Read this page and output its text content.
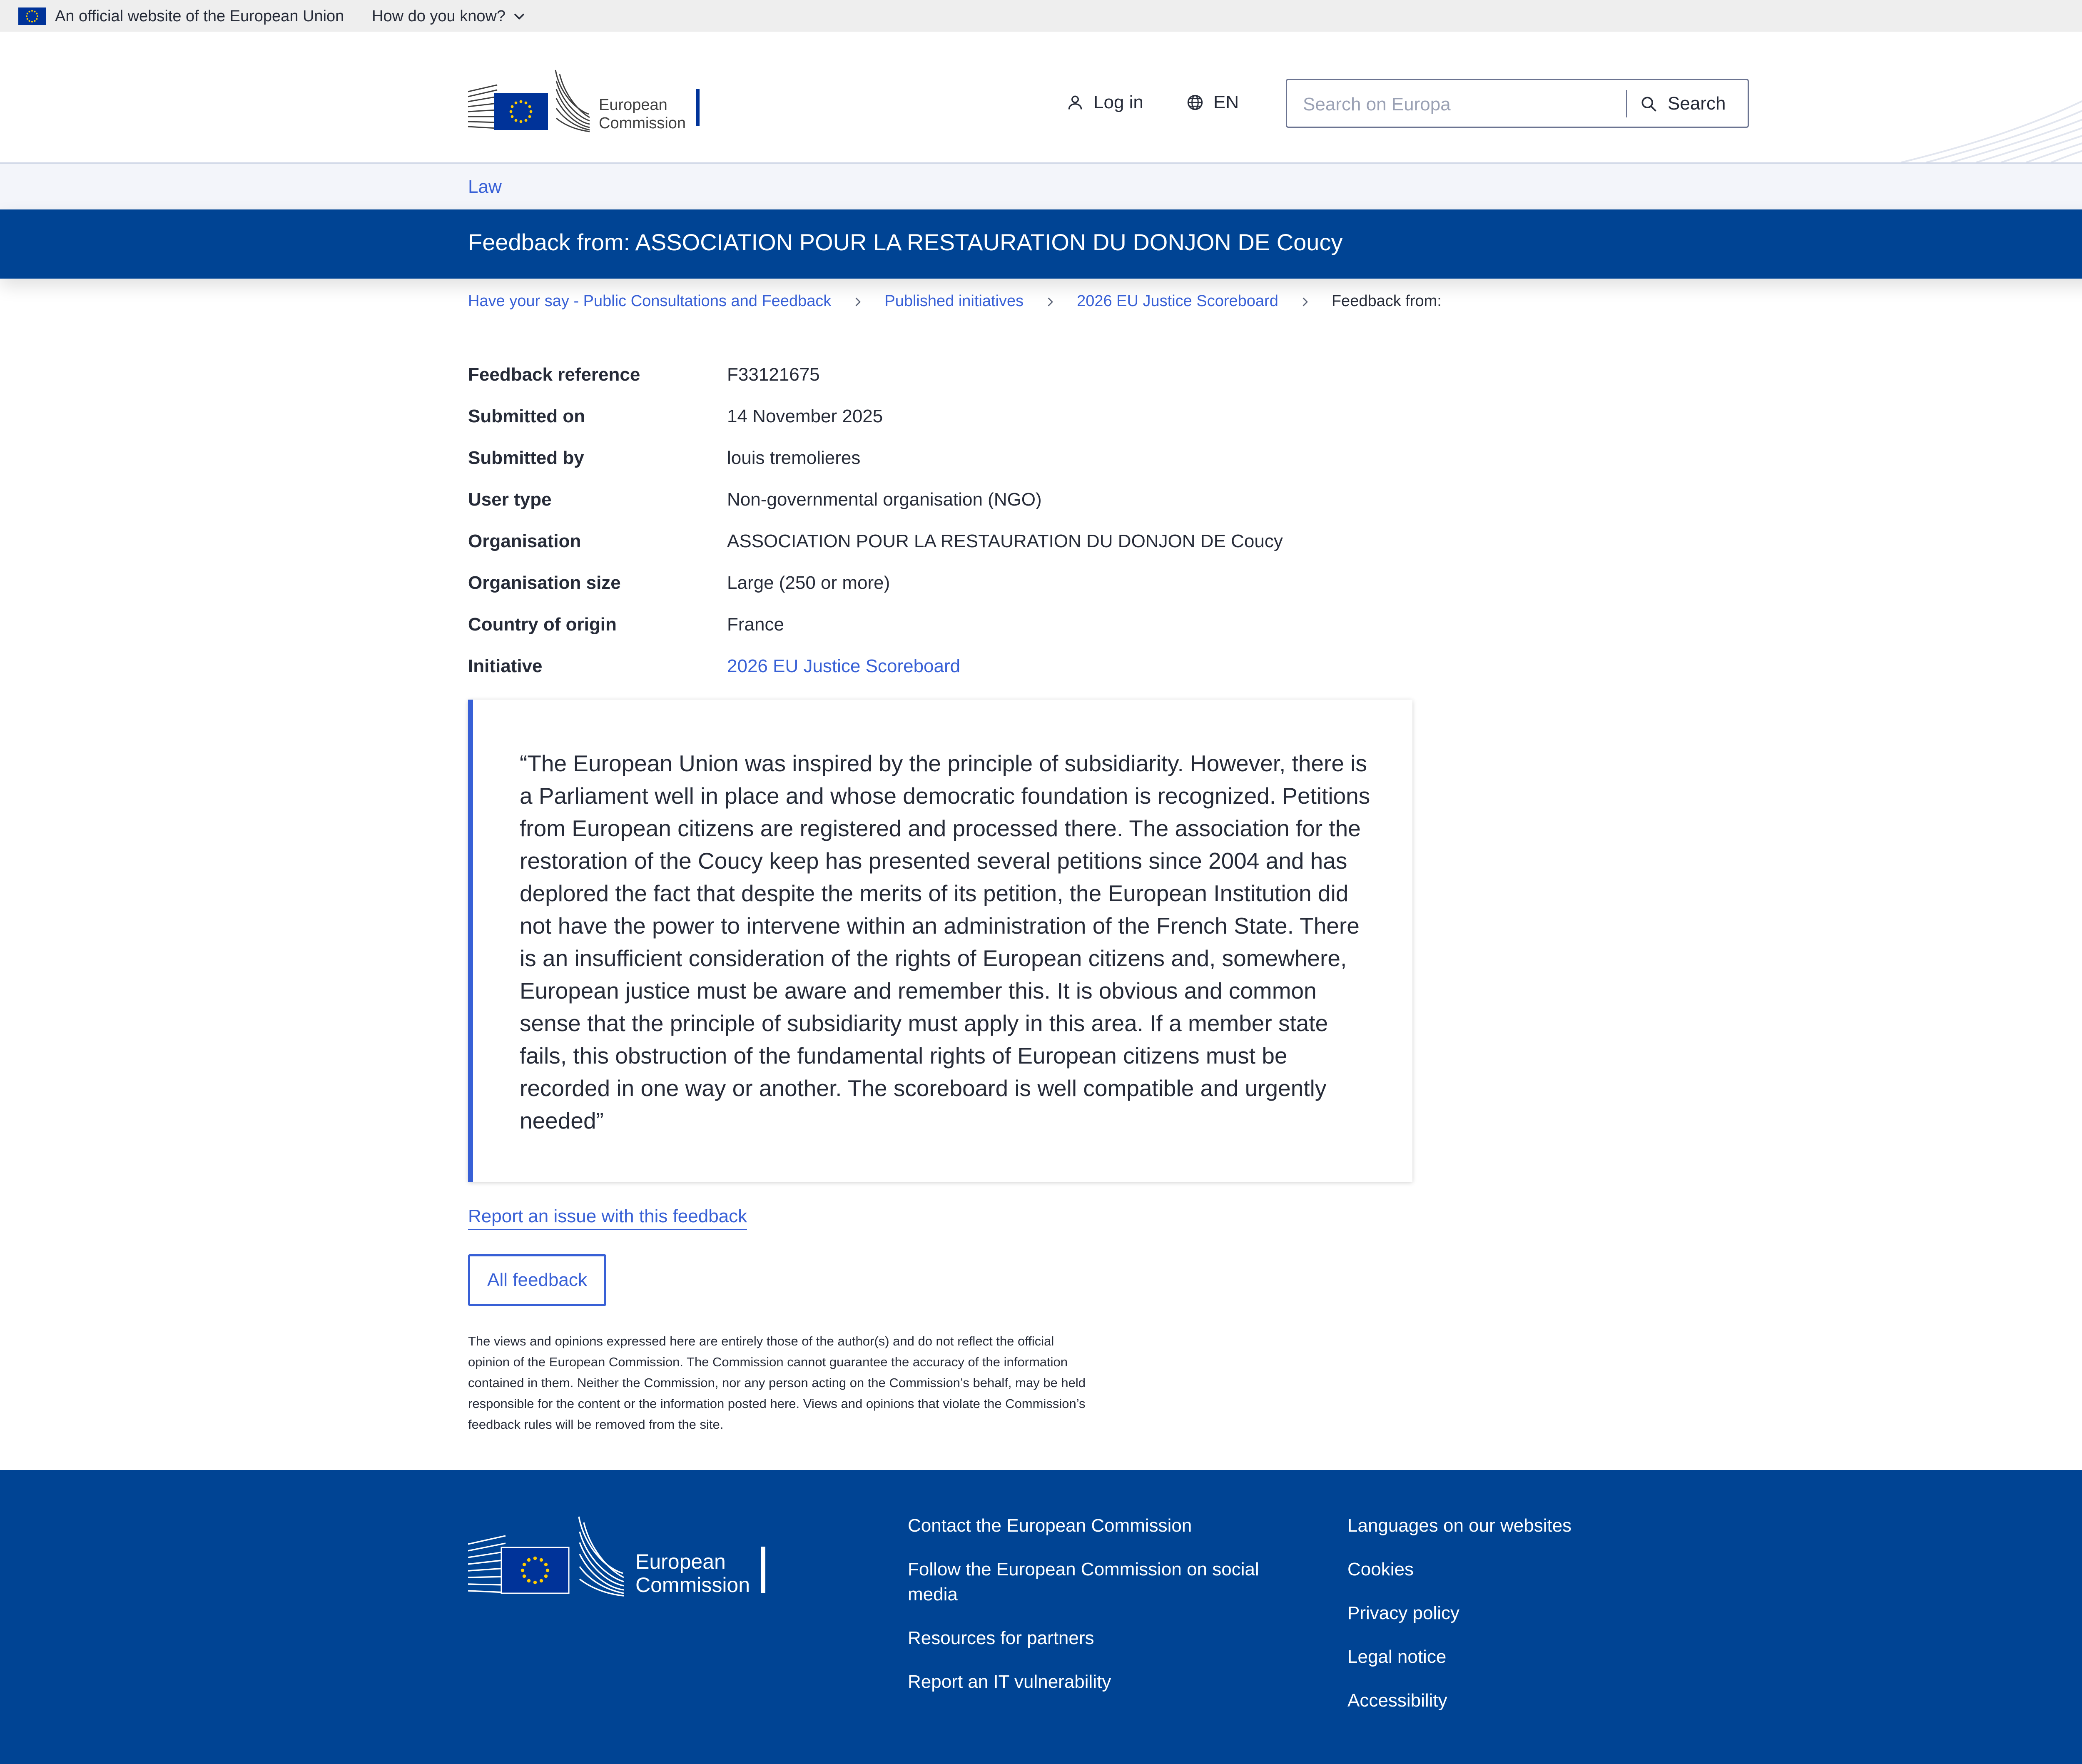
An official website of the European Union How do you know?
European
Commission
Log in	EN
Search on Europa	Search
Law
Feedback from: ASSOCIATION POUR LA RESTAURATION DU DONJON DE Coucy
Have your say - Public Consultations and Feedback	Published initiatives	2026 EU Justice Scoreboard	Feedback from:
Feedback reference	F33121675
Submitted on	14 November 2025
Submitted by	louis tremolieres
User type	Non-governmental organisation (NGO)
Organisation	ASSOCIATION POUR LA RESTAURATION DU DONJON DE Coucy
Organisation size	Large (250 or more)
Country of origin	France
Initiative	2026 EU Justice Scoreboard

“The European Union was inspired by the principle of subsidiarity. However, there is a Parliament well in place and whose democratic foundation is recognized. Petitions from European citizens are registered and processed there. The association for the restoration of the Coucy keep has presented several petitions since 2004 and has deplored the fact that despite the merits of its petition, the European Institution did not have the power to intervene within an administration of the French State. There is an insufficient consideration of the rights of European citizens and, somewhere, European justice must be aware and remember this. It is obvious and common sense that the principle of subsidiarity must apply in this area. If a member state fails, this obstruction of the fundamental rights of European citizens must be recorded in one way or another. The scoreboard is well compatible and urgently needed”

Report an issue with this feedback
All feedback

The views and opinions expressed here are entirely those of the author(s) and do not reflect the official opinion of the European Commission. The Commission cannot guarantee the accuracy of the information contained in them. Neither the Commission, nor any person acting on the Commission’s behalf, may be held responsible for the content or the information posted here. Views and opinions that violate the Commission’s feedback rules will be removed from the site.

European
Commission
Contact the European Commission
Follow the European Commission on social media
Resources for partners
Report an IT vulnerability
Languages on our websites
Cookies
Privacy policy
Legal notice
Accessibility
